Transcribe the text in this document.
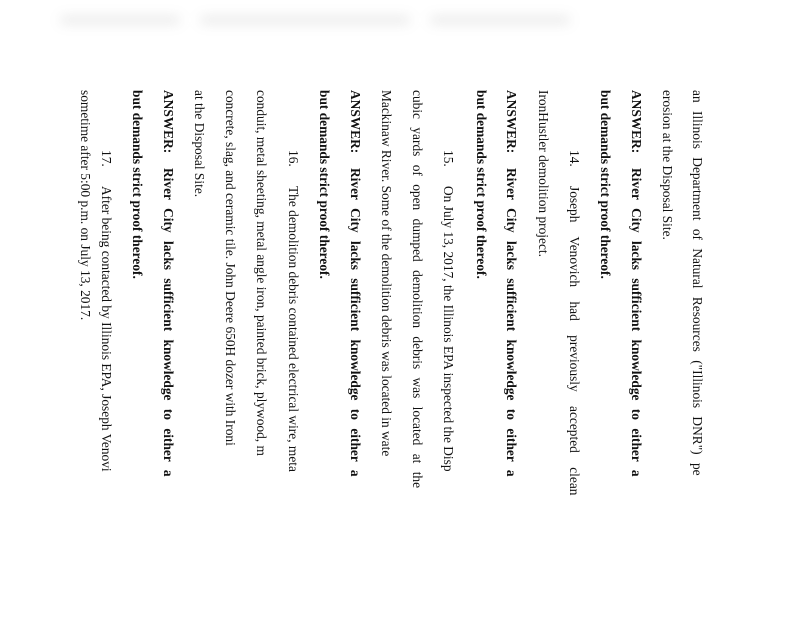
an Illinois Department of Natural Resources ("Illinois DNR") pe
erosion at the Disposal Site.
ANSWER:River City lacks sufficient knowledge to either a
but demands strict proof thereof.
14.Joseph Venovich had previously accepted clean
IronHustler demolition project.
ANSWER:River City lacks sufficient knowledge to either a
but demands strict proof thereof.
15.On July 13, 2017, the Illinois EPA inspected the Disp
cubic yards of open dumped demolition debris was located at the
Mackinaw River. Some of the demolition debris was located in wate
ANSWER:River City lacks sufficient knowledge to either a
but demands strict proof thereof.
16.The demolition debris contained electrical wire, meta
conduit, metal sheeting, metal angle iron, painted brick, plywood, m
concrete, slag, and ceramic tile. John Deere 650H dozer with Ironi
at the Disposal Site.
ANSWER:River City lacks sufficient knowledge to either a
but demands strict proof thereof.
17.After being contacted by Illinois EPA, Joseph Venovi
sometime after 5:00 p.m. on July 13, 2017.
